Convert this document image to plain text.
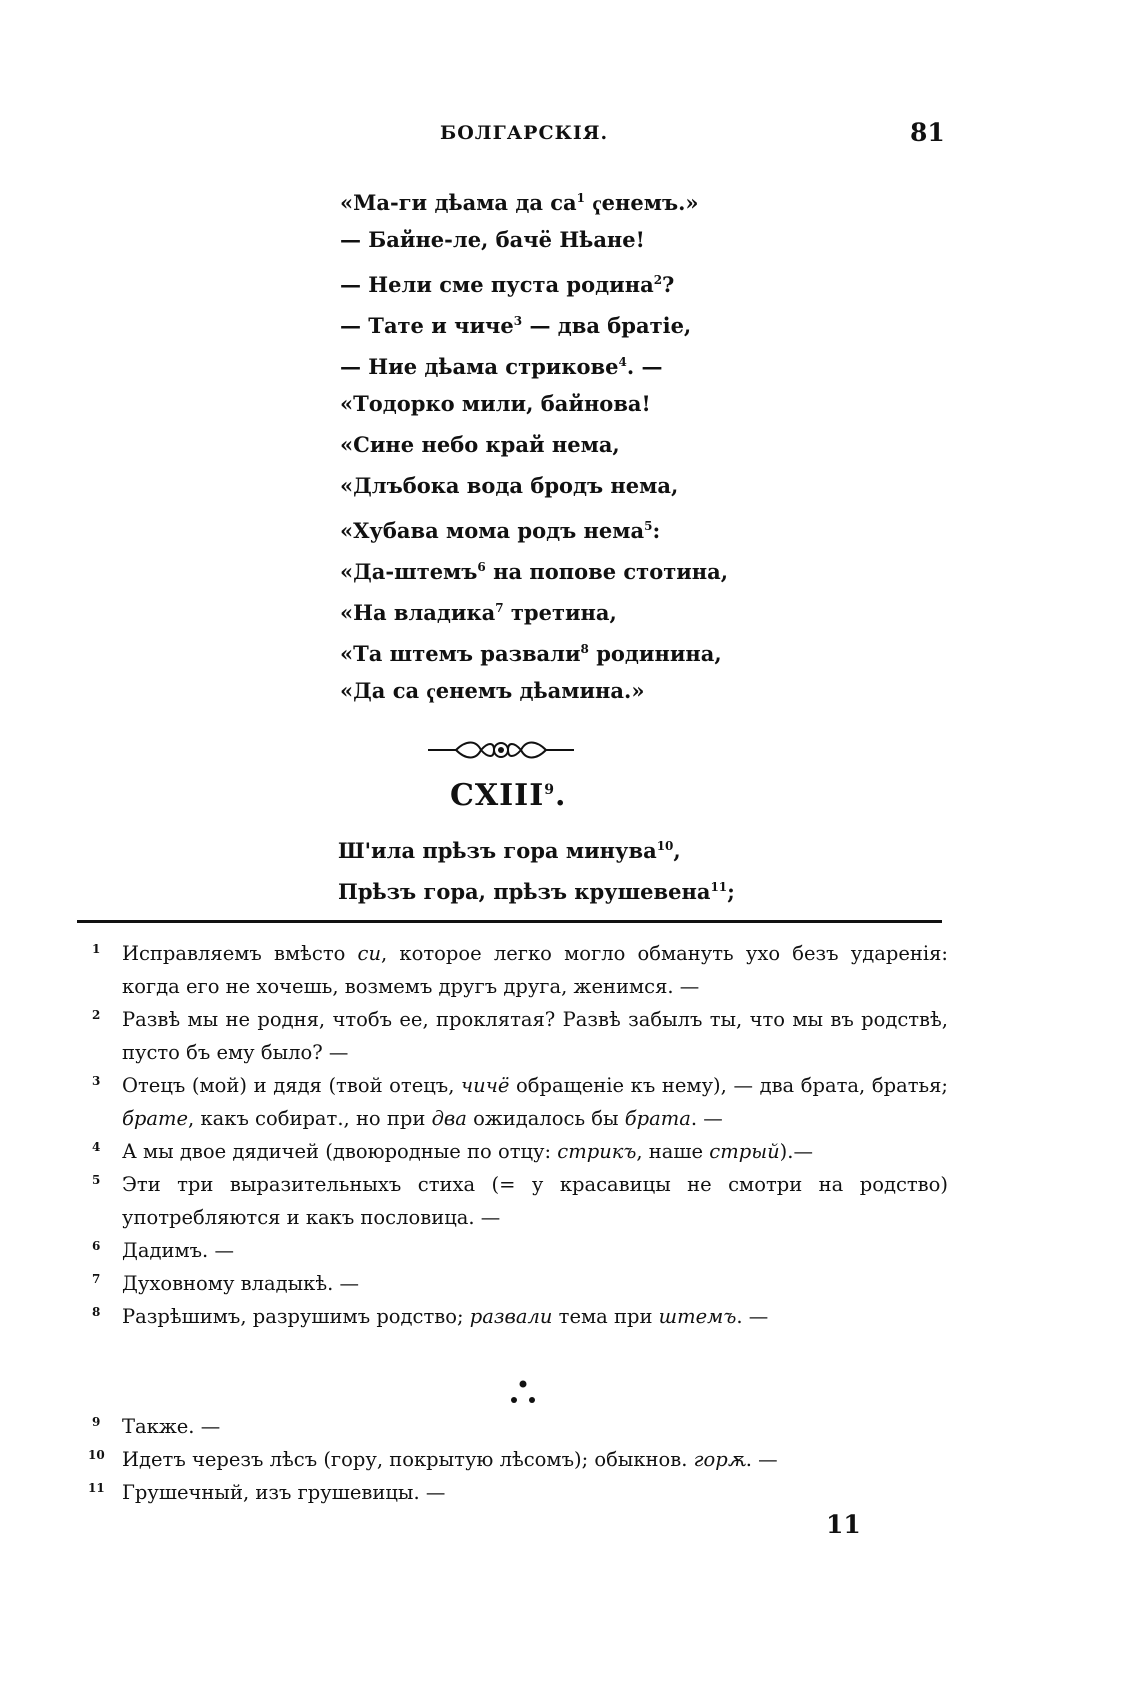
БОЛГАРСКІЯ.	81
«Ма-ги дҍама да $са^1$ ҁенемъ.»
— Байне-ле, бачё Нҍане!
— Нели сме пуста родина$^2$?
— Тате и чиче$^3$ — два братіе,
— Ние дҍама стрикове$^4$. —
«Тодорко мили, байнова!
«Сине небо край нема,
«Длъбока вода бродъ нема,
«Хубава мома родъ нема$^5$:
«Да-штемъ$^6$ на попове стотина,
«На владика$^7$ третина,
«Та штемъ развали$^8$ родинина,
«Да са ҁенемъ дҍамина.»
CXIII$^9$.
Ш'ила прҍзъ гора минува$^{10}$,
Прҍзъ гора, прҍзъ крушевена$^{11}$;
1 Исправляемъ вмѣсто си, которое легко могло обмануть ухо безъ ударенія: когда его не хочешь, возмемъ другъ друга, женимся. —
2 Развѣ мы не родня, чтобъ ее, проклятая? Развѣ забылъ ты, что мы въ родствѣ, пусто бъ ему было? —
3 Отецъ (мой) и дядя (твой отецъ, чичё обращеніе къ нему), — два брата, братья; брате, какъ собират., но при два ожидалось бы брата. —
4 А мы двое дядичей (двоюродные по отцу: стрикъ, наше стрый).—
5 Эти три выразительныхъ стиха (= у красавицы не смотри на родство) употребляются и какъ пословица. —
6 Дадимъ. —
7 Духовному владыкѣ. —
8 Разрѣшимъ, разрушимъ родство; развали тема при штемъ. —
9 Также. —
10 Идетъ черезъ лѣсъ (гору, покрытую лѣсомъ); обыкнов. горѫ. —
11 Грушечный, изъ грушевицы. —
11
